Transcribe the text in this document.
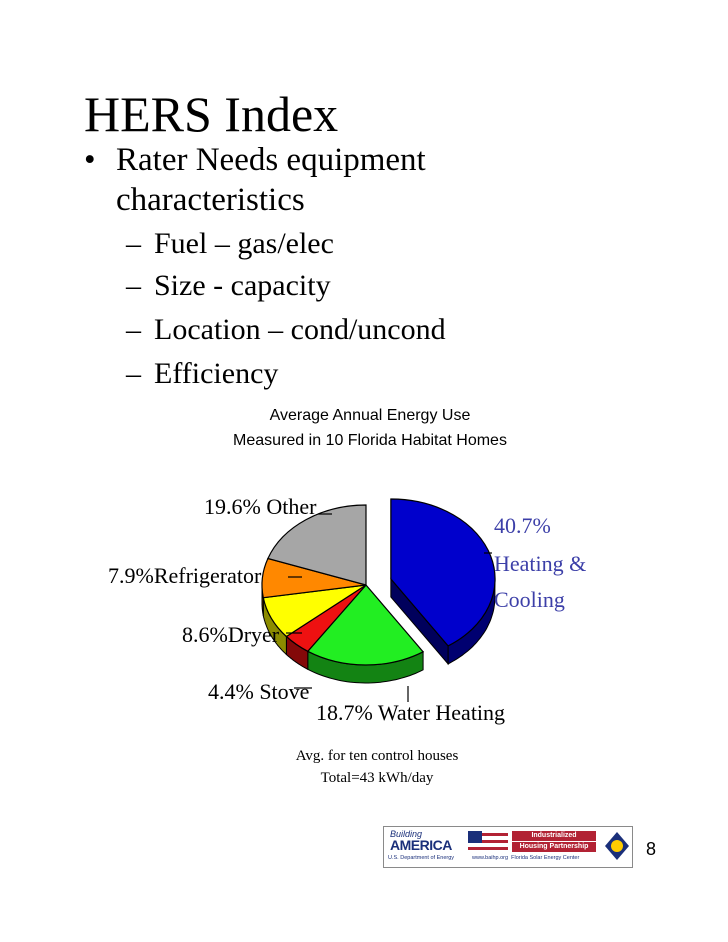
HERS Index
• Rater Needs equipment characteristics
– Fuel – gas/elec
– Size - capacity
– Location – cond/uncond
– Efficiency
Average Annual Energy Use
Measured in 10 Florida Habitat Homes
40.7%
Heating &
Cooling
19.6% Other
7.9%Refrigerator
8.6%Dryer
4.4% Stove
18.7% Water Heating
Avg. for ten control houses
Total=43 kWh/day
Building
AMERICA
U.S. Department of Energy
Industrialized
Housing Partnership
www.baihp.org Florida Solar Energy Center	8
